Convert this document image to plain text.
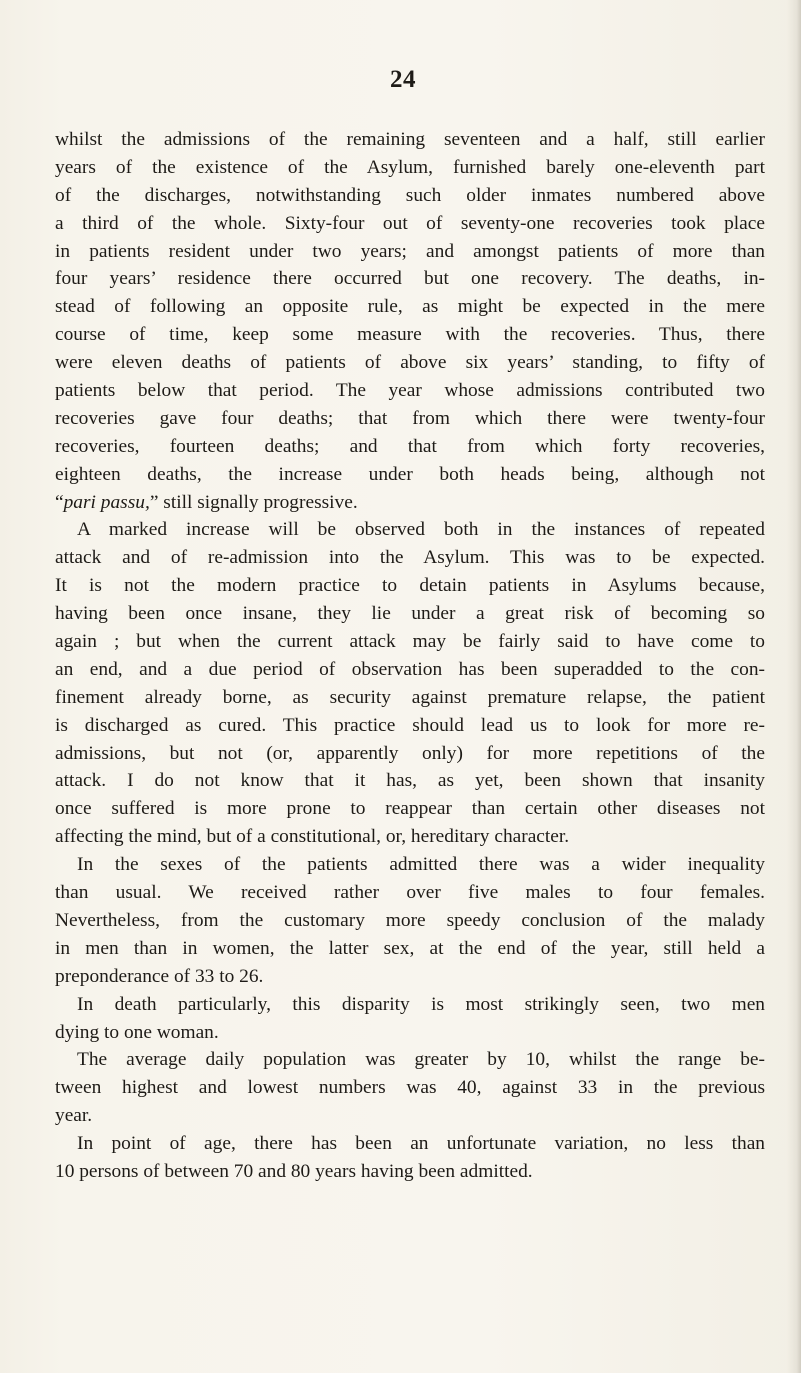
24
whilst the admissions of the remaining seventeen and a half, still earlier
years of the existence of the Asylum, furnished barely one-eleventh part
of the discharges, notwithstanding such older inmates numbered above
a third of the whole. Sixty-four out of seventy-one recoveries took place
in patients resident under two years; and amongst patients of more than
four years’ residence there occurred but one recovery. The deaths, in-
stead of following an opposite rule, as might be expected in the mere
course of time, keep some measure with the recoveries. Thus, there
were eleven deaths of patients of above six years’ standing, to fifty of
patients below that period. The year whose admissions contributed two
recoveries gave four deaths; that from which there were twenty-four
recoveries, fourteen deaths; and that from which forty recoveries,
eighteen deaths, the increase under both heads being, although not
“pari passu,” still signally progressive.
A marked increase will be observed both in the instances of repeated
attack and of re-admission into the Asylum. This was to be expected.
It is not the modern practice to detain patients in Asylums because,
having been once insane, they lie under a great risk of becoming so
again ; but when the current attack may be fairly said to have come to
an end, and a due period of observation has been superadded to the con-
finement already borne, as security against premature relapse, the patient
is discharged as cured. This practice should lead us to look for more re-
admissions, but not (or, apparently only) for more repetitions of the
attack. I do not know that it has, as yet, been shown that insanity
once suffered is more prone to reappear than certain other diseases not
affecting the mind, but of a constitutional, or, hereditary character.
In the sexes of the patients admitted there was a wider inequality
than usual. We received rather over five males to four females.
Nevertheless, from the customary more speedy conclusion of the malady
in men than in women, the latter sex, at the end of the year, still held a
preponderance of 33 to 26.
In death particularly, this disparity is most strikingly seen, two men
dying to one woman.
The average daily population was greater by 10, whilst the range be-
tween highest and lowest numbers was 40, against 33 in the previous
year.
In point of age, there has been an unfortunate variation, no less than
10 persons of between 70 and 80 years having been admitted.
